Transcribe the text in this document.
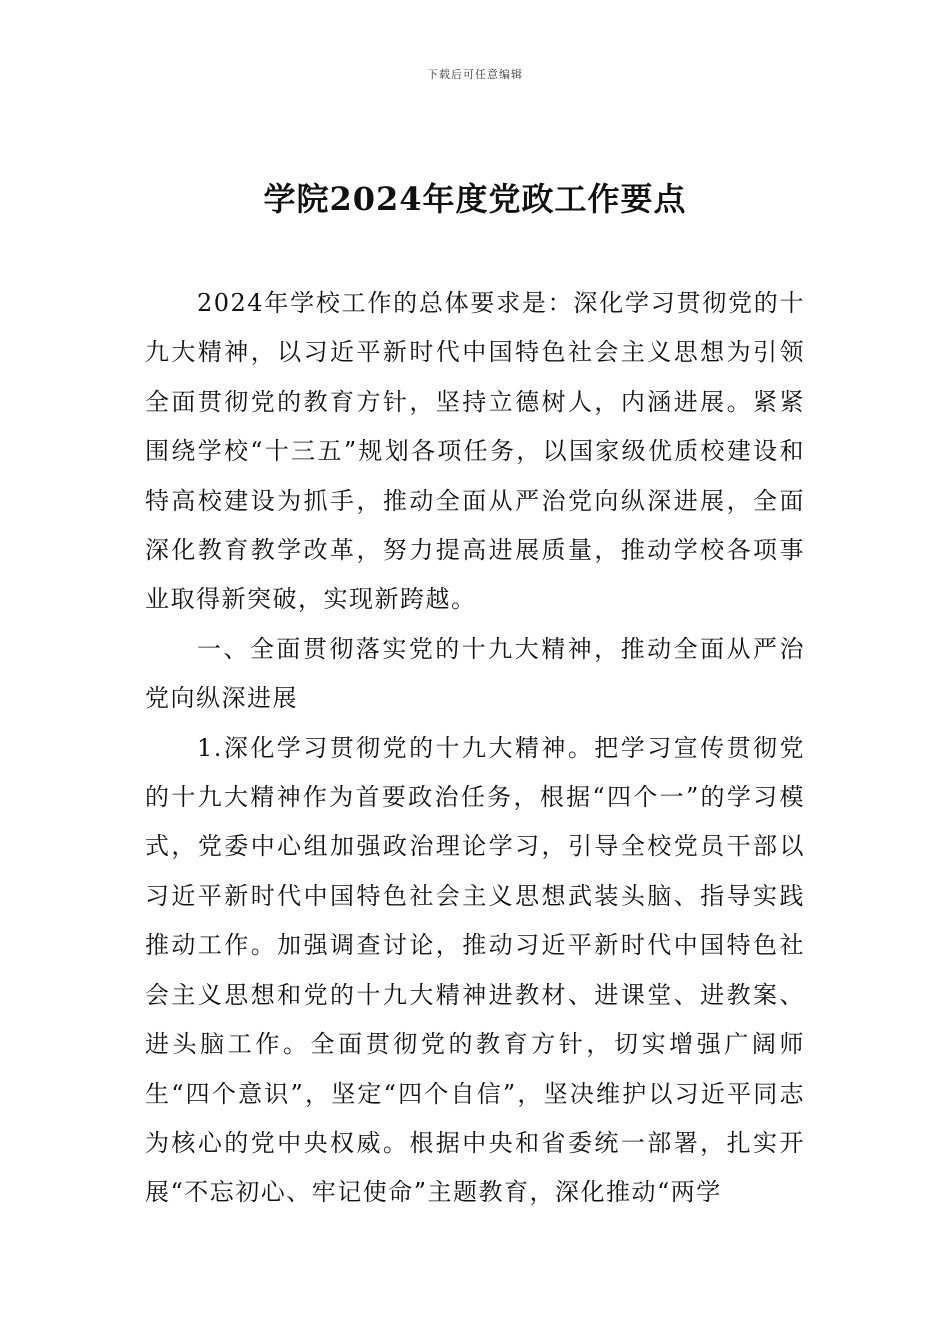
下载后可任意编辑
学院2024年度党政工作要点

2024年学校工作的总体要求是：深化学习贯彻党的十九大精神，以习近平新时代中国特色社会主义思想为引领全面贯彻党的教育方针，坚持立德树人，内涵进展。紧紧围绕学校“十三五”规划各项任务，以国家级优质校建设和特高校建设为抓手，推动全面从严治党向纵深进展，全面深化教育教学改革，努力提高进展质量，推动学校各项事业取得新突破，实现新跨越。

一、全面贯彻落实党的十九大精神，推动全面从严治党向纵深进展

1.深化学习贯彻党的十九大精神。把学习宣传贯彻党的十九大精神作为首要政治任务，根据“四个一”的学习模式，党委中心组加强政治理论学习，引导全校党员干部以习近平新时代中国特色社会主义思想武装头脑、指导实践推动工作。加强调查讨论，推动习近平新时代中国特色社会主义思想和党的十九大精神进教材、进课堂、进教案、进头脑工作。全面贯彻党的教育方针，切实增强广阔师生“四个意识”，坚定“四个自信”，坚决维护以习近平同志为核心的党中央权威。根据中央和省委统一部署，扎实开展“不忘初心、牢记使命”主题教育，深化推动“两学
